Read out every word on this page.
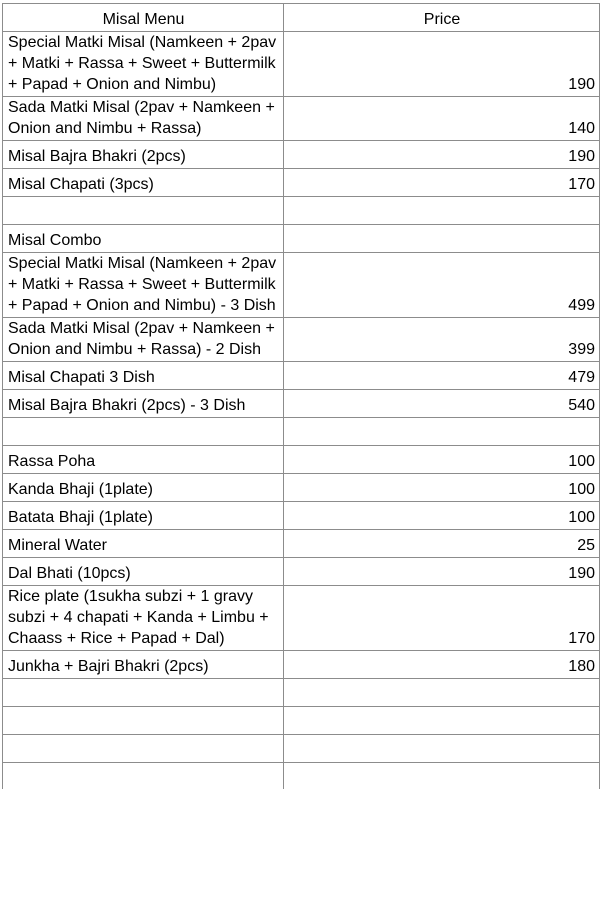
Misal Menu	Price
Special Matki Misal (Namkeen + 2pav + Matki + Rassa + Sweet + Buttermilk + Papad + Onion and Nimbu)	190
Sada Matki Misal (2pav + Namkeen + Onion and Nimbu + Rassa)	140
Misal Bajra Bhakri (2pcs)	190
Misal Chapati (3pcs)	170

Misal Combo	
Special Matki Misal (Namkeen + 2pav + Matki + Rassa + Sweet + Buttermilk + Papad + Onion and Nimbu) - 3 Dish	499
Sada Matki Misal (2pav + Namkeen + Onion and Nimbu + Rassa) - 2 Dish	399
Misal Chapati 3 Dish	479
Misal Bajra Bhakri (2pcs) - 3 Dish	540

Rassa Poha	100
Kanda Bhaji (1plate)	100
Batata Bhaji (1plate)	100
Mineral Water	25
Dal Bhati (10pcs)	190
Rice plate (1sukha subzi + 1 gravy subzi + 4 chapati + Kanda + Limbu + Chaass + Rice + Papad + Dal)	170
Junkha + Bajri Bhakri (2pcs)	180
